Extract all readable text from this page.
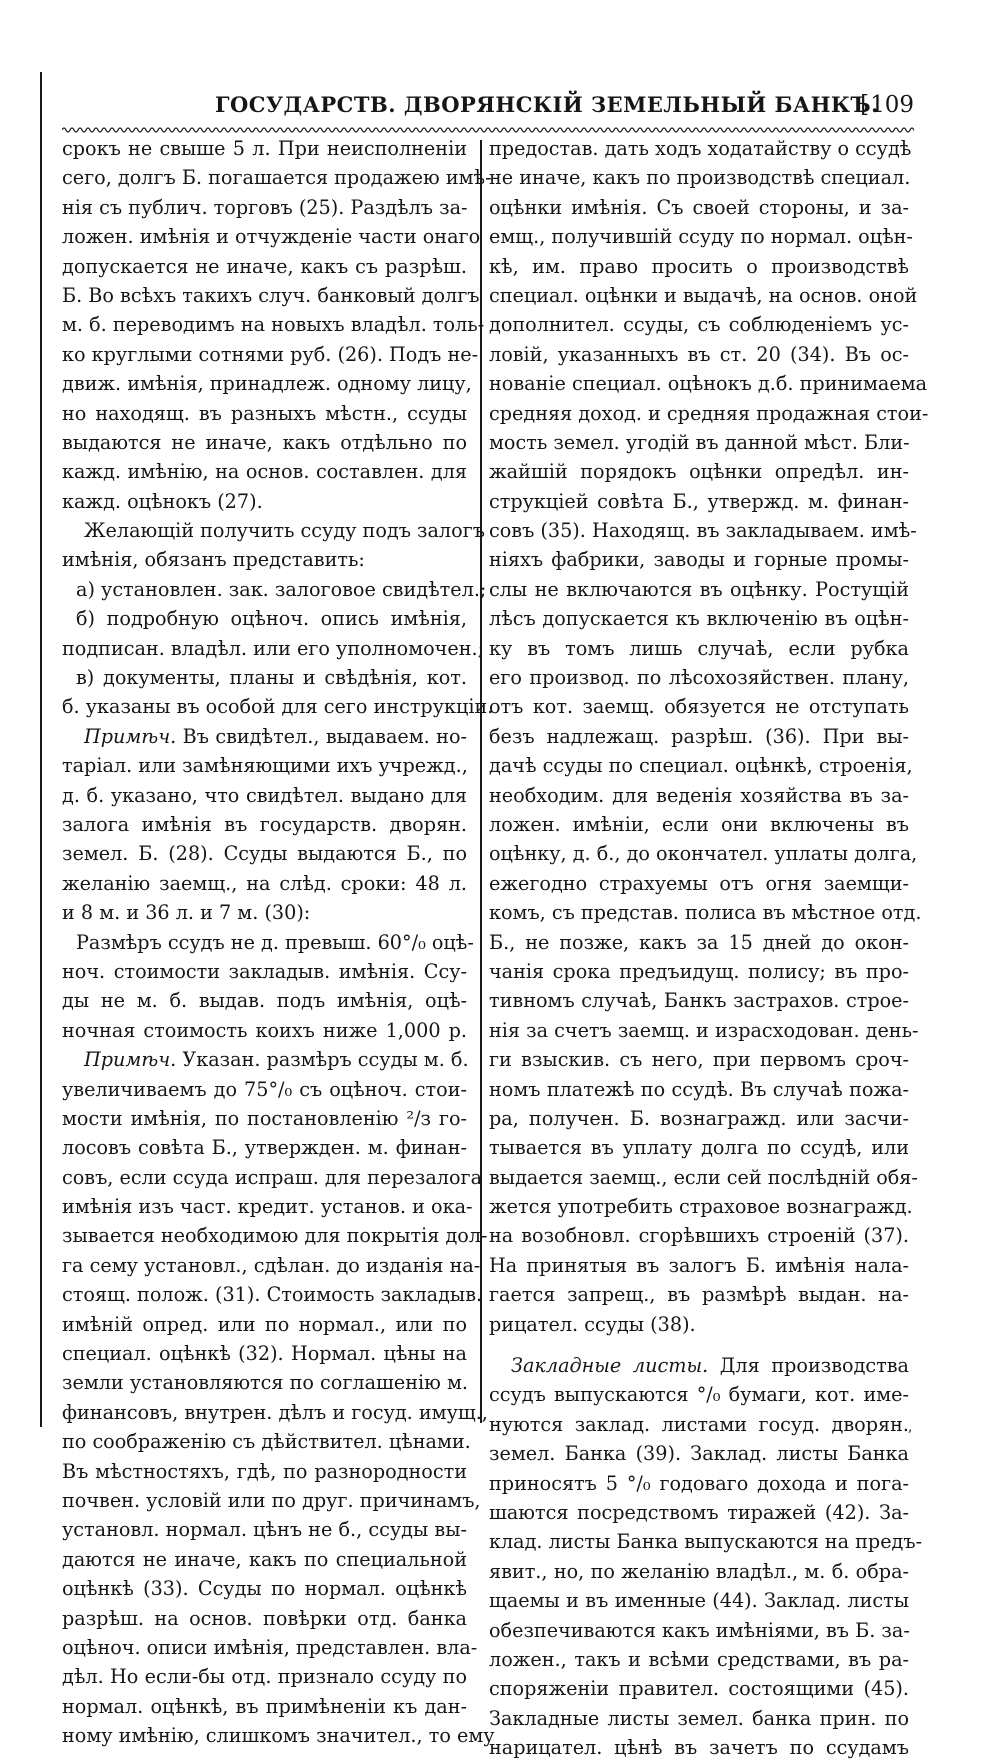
ГОСУДАРСТВ. ДВОРЯНСКІЙ ЗЕМЕЛЬНЫЙ БАНКЪ.
[ 109
срокъ не свыше 5 л. При неисполненіи
сего, долгъ Б. погашается продажею имѣ-
нія съ публич. торговъ (25). Раздѣлъ за-
ложен. имѣнія и отчужденіе части онаго
допускается не иначе, какъ съ разрѣш.
Б. Во всѣхъ такихъ случ. банковый долгъ
м. б. переводимъ на новыхъ владѣл. толь-
ко круглыми сотнями руб. (26). Подъ не-
движ. имѣнія, принадлеж. одному лицу,
но находящ. въ разныхъ мѣстн., ссуды
выдаются не иначе, какъ отдѣльно по
кажд. имѣнію, на основ. составлен. для
кажд. оцѣнокъ (27).
Желающій получить ссуду подъ залогъ
имѣнія, обязанъ представить:
а) установлен. зак. залоговое свидѣтел.;
б) подробную оцѣноч. опись имѣнія,
подписан. владѣл. или его уполномочен.;
в) документы, планы и свѣдѣнія, кот.
б. указаны въ особой для сего инструкціи.
Примѣч. Въ свидѣтел., выдаваем. но-
таріал. или замѣняющими ихъ учрежд.,
д. б. указано, что свидѣтел. выдано для
залога имѣнія въ государств. дворян.
земел. Б. (28). Ссуды выдаются Б., по
желанію заемщ., на слѣд. сроки: 48 л.
и 8 м. и 36 л. и 7 м. (30):
Размѣръ ссудъ не д. превыш. 60°/₀ оцѣ-
ноч. стоимости закладыв. имѣнія. Ссу-
ды не м. б. выдав. подъ имѣнія, оцѣ-
ночная стоимость коихъ ниже 1,000 р.
Примѣч. Указан. размѣръ ссуды м. б.
увеличиваемъ до 75°/₀ съ оцѣноч. стои-
мости имѣнія, по постановленію ²/з го-
лосовъ совѣта Б., утвержден. м. финан-
совъ, если ссуда испраш. для перезалога
имѣнія изъ част. кредит. установ. и ока-
зывается необходимою для покрытія дол-
га сему установл., сдѣлан. до изданія на-
стоящ. полож. (31). Стоимость закладыв.
имѣній опред. или по нормал., или по
специал. оцѣнкѣ (32). Нормал. цѣны на
земли установляются по соглашенію м.
финансовъ, внутрен. дѣлъ и госуд. имущ.,
по соображенію съ дѣйствител. цѣнами.
Въ мѣстностяхъ, гдѣ, по разнородности
почвен. условій или по друг. причинамъ,
установл. нормал. цѣнъ не б., ссуды вы-
даются не иначе, какъ по специальной
оцѣнкѣ (33). Ссуды по нормал. оцѣнкѣ
разрѣш. на основ. повѣрки отд. банка
оцѣноч. описи имѣнія, представлен. вла-
дѣл. Но если-бы отд. признало ссуду по
нормал. оцѣнкѣ, въ примѣненіи къ дан-
ному имѣнію, слишкомъ значител., то ему
предостав. дать ходъ ходатайству о ссудѣ
не иначе, какъ по производствѣ специал.
оцѣнки имѣнія. Съ своей стороны, и за-
емщ., получившій ссуду по нормал. оцѣн-
кѣ, им. право просить о производствѣ
специал. оцѣнки и выдачѣ, на основ. оной
дополнител. ссуды, съ соблюденіемъ ус-
ловій, указанныхъ въ ст. 20 (34). Въ ос-
нованіе специал. оцѣнокъ д.б. принимаема
средняя доход. и средняя продажная стои-
мость земел. угодій въ данной мѣст. Бли-
жайшій порядокъ оцѣнки опредѣл. ин-
струкціей совѣта Б., утвержд. м. финан-
совъ (35). Находящ. въ закладываем. имѣ-
ніяхъ фабрики, заводы и горные промы-
слы не включаются въ оцѣнку. Ростущій
лѣсъ допускается къ включенію въ оцѣн-
ку въ томъ лишь случаѣ, если рубка
его производ. по лѣсохозяйствен. плану,
отъ кот. заемщ. обязуется не отступать
безъ надлежащ. разрѣш. (36). При вы-
дачѣ ссуды по специал. оцѣнкѣ, строенія,
необходим. для веденія хозяйства въ за-
ложен. имѣніи, если они включены въ
оцѣнку, д. б., до окончател. уплаты долга,
ежегодно страхуемы отъ огня заемщи-
комъ, съ представ. полиса въ мѣстное отд.
Б., не позже, какъ за 15 дней до окон-
чанія срока предъидущ. полису; въ про-
тивномъ случаѣ, Банкъ застрахов. строе-
нія за счетъ заемщ. и израсходован. день-
ги взыскив. съ него, при первомъ сроч-
номъ платежѣ по ссудѣ. Въ случаѣ пожа-
ра, получен. Б. вознагражд. или засчи-
тывается въ уплату долга по ссудѣ, или
выдается заемщ., если сей послѣдній обя-
жется употребить страховое вознагражд.
на возобновл. сгорѣвшихъ строеній (37).
На принятыя въ залогъ Б. имѣнія нала-
гается запрещ., въ размѣрѣ выдан. на-
рицател. ссуды (38).
Закладные листы. Для производства
ссудъ выпускаются °/₀ бумаги, кот. име-
нуются заклад. листами госуд. дворян.
земел. Банка (39). Заклад. листы Банка
приносятъ 5 °/₀ годоваго дохода и пога-
шаются посредствомъ тиражей (42). За-
клад. листы Банка выпускаются на предъ-
явит., но, по желанію владѣл., м. б. обра-
щаемы и въ именные (44). Заклад. листы
обезпечиваются какъ имѣніями, въ Б. за-
ложен., такъ и всѣми средствами, въ ра-
споряженіи правител. состоящими (45).
Закладные листы земел. банка прин. по
нарицател. цѣнѣ въ зачетъ по ссудамъ
,
